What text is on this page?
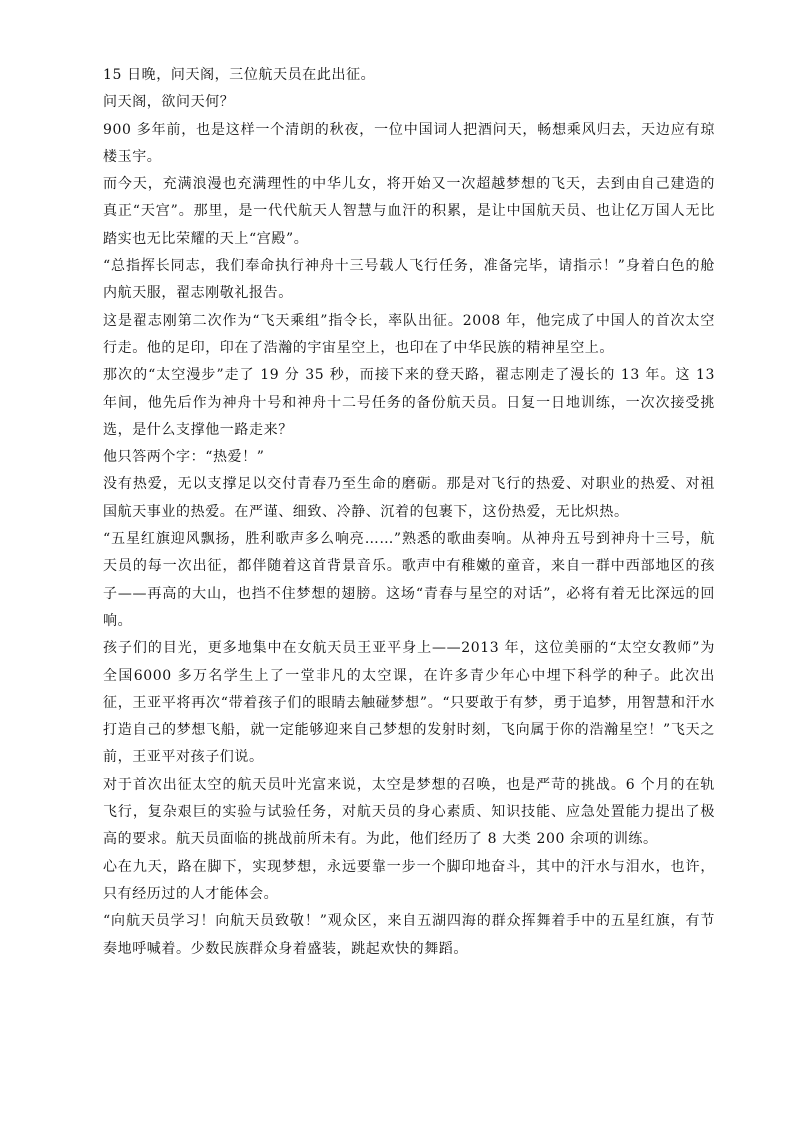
15 日晚，问天阁，三位航天员在此出征。

问天阁，欲问天何？

900 多年前，也是这样一个清朗的秋夜，一位中国词人把酒问天，畅想乘风归去，天边应有琼楼玉宇。

而今天，充满浪漫也充满理性的中华儿女，将开始又一次超越梦想的飞天，去到由自己建造的真正“天宫”。那里，是一代代航天人智慧与血汗的积累，是让中国航天员、也让亿万国人无比踏实也无比荣耀的天上“宫殿”。

“总指挥长同志，我们奉命执行神舟十三号载人飞行任务，准备完毕，请指示！”身着白色的舱内航天服，翟志刚敬礼报告。

这是翟志刚第二次作为“飞天乘组”指令长，率队出征。2008 年，他完成了中国人的首次太空行走。他的足印，印在了浩瀚的宇宙星空上，也印在了中华民族的精神星空上。

那次的“太空漫步”走了 19 分 35 秒，而接下来的登天路，翟志刚走了漫长的 13 年。这 13 年间，他先后作为神舟十号和神舟十二号任务的备份航天员。日复一日地训练，一次次接受挑选，是什么支撑他一路走来？

他只答两个字：“热爱！”

没有热爱，无以支撑足以交付青春乃至生命的磨砺。那是对飞行的热爱、对职业的热爱、对祖国航天事业的热爱。在严谨、细致、冷静、沉着的包裹下，这份热爱，无比炽热。

“五星红旗迎风飘扬，胜利歌声多么响亮……”熟悉的歌曲奏响。从神舟五号到神舟十三号，航天员的每一次出征，都伴随着这首背景音乐。歌声中有稚嫩的童音，来自一群中西部地区的孩子——再高的大山，也挡不住梦想的翅膀。这场“青春与星空的对话”，必将有着无比深远的回响。

孩子们的目光，更多地集中在女航天员王亚平身上——2013 年，这位美丽的“太空女教师”为全国6000 多万名学生上了一堂非凡的太空课，在许多青少年心中埋下科学的种子。此次出征，王亚平将再次“带着孩子们的眼睛去触碰梦想”。“只要敢于有梦，勇于追梦，用智慧和汗水打造自己的梦想飞船，就一定能够迎来自己梦想的发射时刻，飞向属于你的浩瀚星空！”飞天之前，王亚平对孩子们说。

对于首次出征太空的航天员叶光富来说，太空是梦想的召唤，也是严苛的挑战。6 个月的在轨飞行，复杂艰巨的实验与试验任务，对航天员的身心素质、知识技能、应急处置能力提出了极高的要求。航天员面临的挑战前所未有。为此，他们经历了 8 大类 200 余项的训练。

心在九天，路在脚下，实现梦想，永远要靠一步一个脚印地奋斗，其中的汗水与泪水，也许，只有经历过的人才能体会。

“向航天员学习！向航天员致敬！”观众区，来自五湖四海的群众挥舞着手中的五星红旗，有节奏地呼喊着。少数民族群众身着盛装，跳起欢快的舞蹈。
